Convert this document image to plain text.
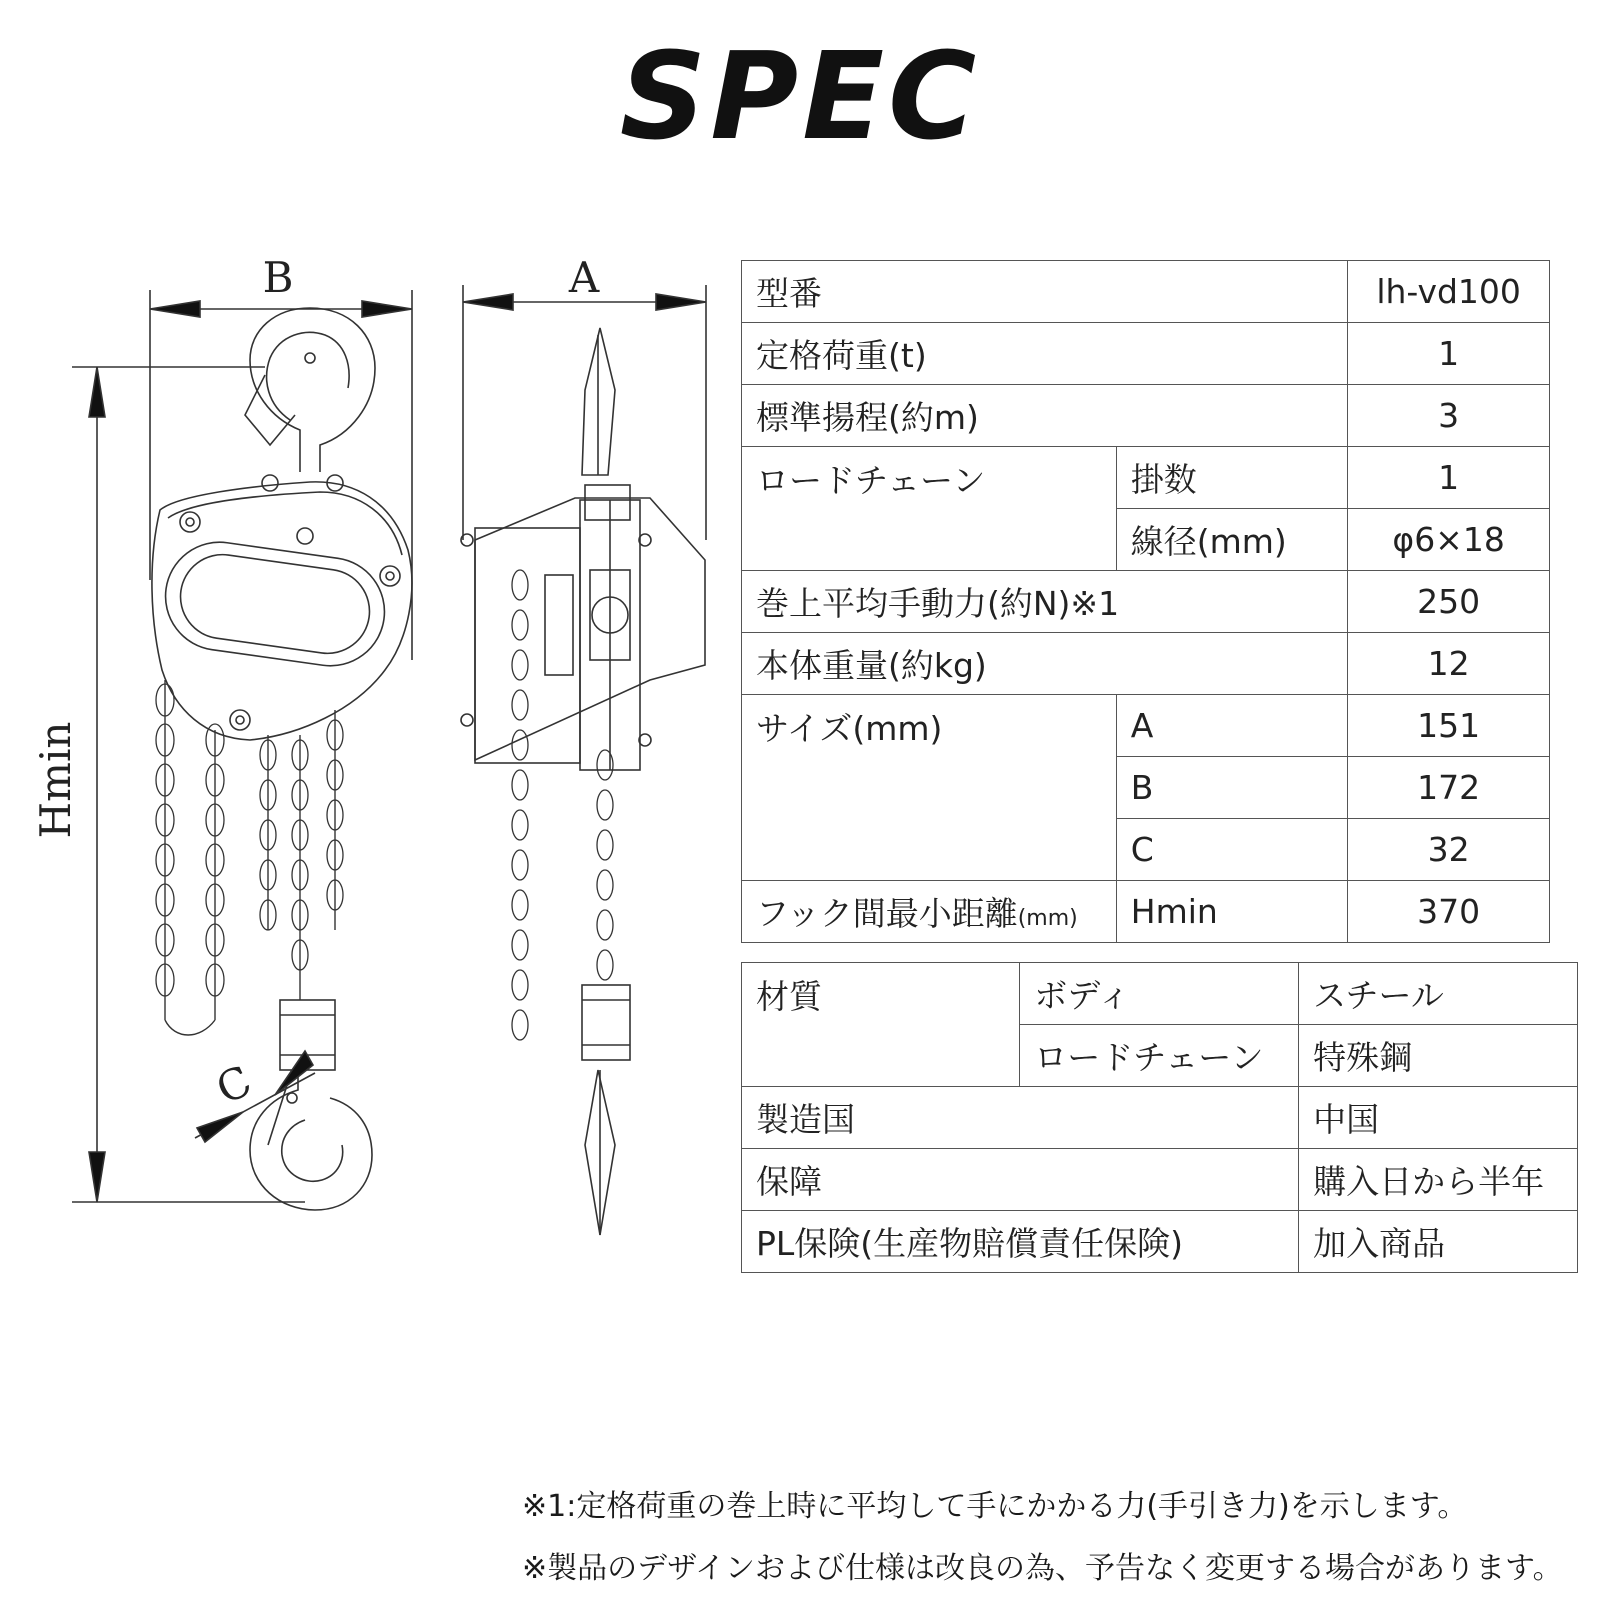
SPEC
B	A
Hmin
C
型番		lh-vd100
定格荷重(t)		1
標準揚程(約m)		3
ロードチェーン	掛数	1
	線径(mm)	φ6×18
巻上平均手動力(約N)※1		250
本体重量(約kg)		12
サイズ(mm)	A	151
	B	172
	C	32
フック間最小距離(mm)	Hmin	370
材質	ボディ	スチール
	ロードチェーン	特殊鋼
製造国		中国
保障		購入日から半年
PL保険(生産物賠償責任保険)		加入商品
※1:定格荷重の巻上時に平均して手にかかる力(手引き力)を示します。
※製品のデザインおよび仕様は改良の為、予告なく変更する場合があります。
